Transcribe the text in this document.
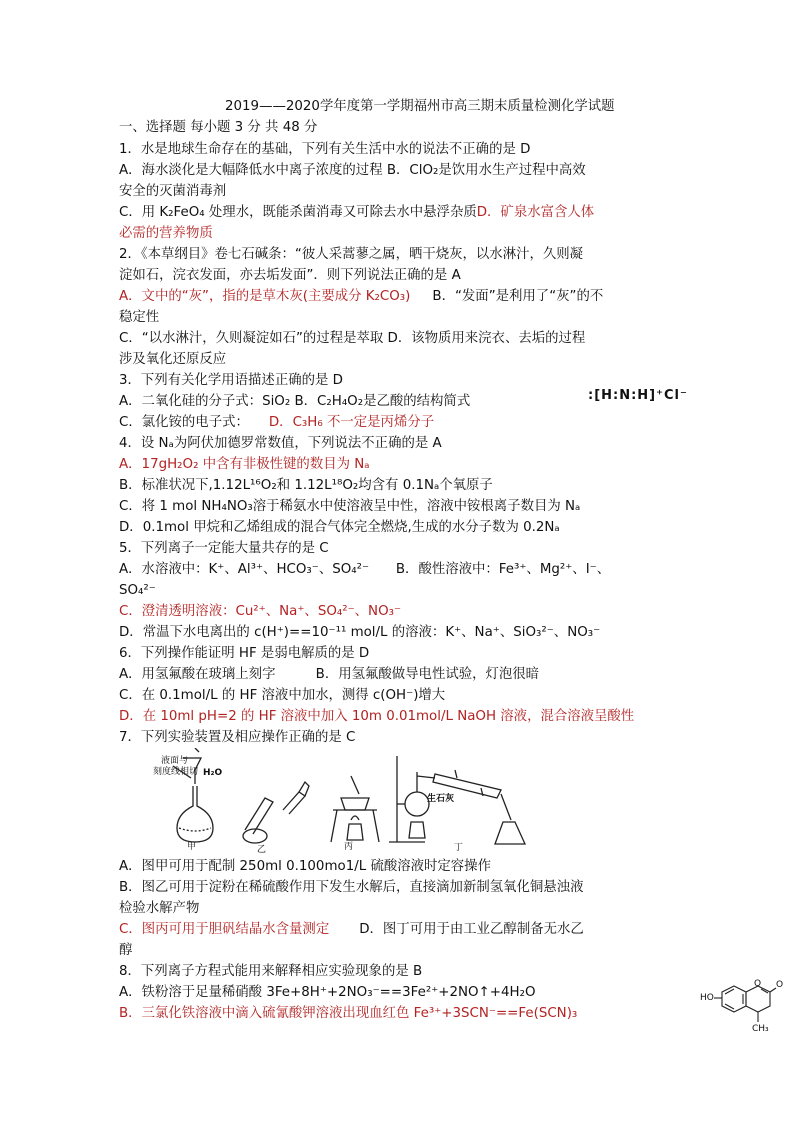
2019——2020学年度第一学期福州市高三期末质量检测化学试题
一、选择题 每小题 3 分 共 48 分
1．水是地球生命存在的基础，下列有关生活中水的说法不正确的是 D
A．海水淡化是大幅降低水中离子浓度的过程 B．ClO₂是饮用水生产过程中高效
安全的灭菌消毒剂
C．用 K₂FeO₄ 处理水，既能杀菌消毒又可除去水中悬浮杂质D．矿泉水富含人体
必需的营养物质
2．《本草纲目》卷七石碱条：“彼人采蒿蓼之属，晒干烧灰，以水淋汁，久则凝
淀如石，浣衣发面，亦去垢发面”．则下列说法正确的是 A
A．文中的“灰”，指的是草木灰(主要成分 K₂CO₃) B．“发面”是利用了“灰”的不
稳定性
C．“以水淋汁，久则凝淀如石”的过程是萃取 D．该物质用来浣衣、去垢的过程
涉及氧化还原反应
3．下列有关化学用语描述正确的是 D
A．二氧化硅的分子式：SiO₂ B．C₂H₄O₂是乙酸的结构简式
C．氯化铵的电子式： D．C₃H₆ 不一定是丙烯分子
:[H:N:H]⁺Cl⁻
4．设 Nₐ为阿伏加德罗常数值，下列说法不正确的是 A
A．17gH₂O₂ 中含有非极性键的数目为 Nₐ
B．标准状况下,1.12L¹⁶O₂和 1.12L¹⁸O₂均含有 0.1Nₐ个氧原子
C．将 1 mol NH₄NO₃溶于稀氨水中使溶液呈中性，溶液中铵根离子数目为 Nₐ
D．0.1mol 甲烷和乙烯组成的混合气体完全燃烧,生成的水分子数为 0.2Nₐ
5．下列离子一定能大量共存的是 C
A．水溶液中：K⁺、Al³⁺、HCO₃⁻、SO₄²⁻　　B．酸性溶液中：Fe³⁺、Mg²⁺、I⁻、
SO₄²⁻
C．澄清透明溶液：Cu²⁺、Na⁺、SO₄²⁻、NO₃⁻
D．常温下水电离出的 c(H⁺)==10⁻¹¹ mol/L 的溶液：K⁺、Na⁺、SiO₃²⁻、NO₃⁻
6．下列操作能证明 HF 是弱电解质的是 D
A．用氢氟酸在玻璃上刻字　　　B．用氢氟酸做导电性试验，灯泡很暗
C．在 0.1mol/L 的 HF 溶液中加水，测得 c(OH⁻)增大
D．在 10ml pH=2 的 HF 溶液中加入 10m 0.01mol/L NaOH 溶液，混合溶液呈酸性
7．下列实验装置及相应操作正确的是 C
液面与
刻度线相切 H₂O
生石灰
甲	乙	丙	丁
A．图甲可用于配制 250ml 0.100mo1/L 硫酸溶液时定容操作
B．图乙可用于淀粉在稀硫酸作用下发生水解后，直接滴加新制氢氧化铜悬浊液
检验水解产物
C．图丙可用于胆矾结晶水含量测定 D．图丁可用于由工业乙醇制备无水乙
醇
8．下列离子方程式能用来解释相应实验现象的是 B
A．铁粉溶于足量稀硝酸 3Fe+8H⁺+2NO₃⁻==3Fe²⁺+2NO↑+4H₂O
B．三氯化铁溶液中滴入硫氰酸钾溶液出现血红色 Fe³⁺+3SCN⁻==Fe(SCN)₃
HO
O O
CH₃
